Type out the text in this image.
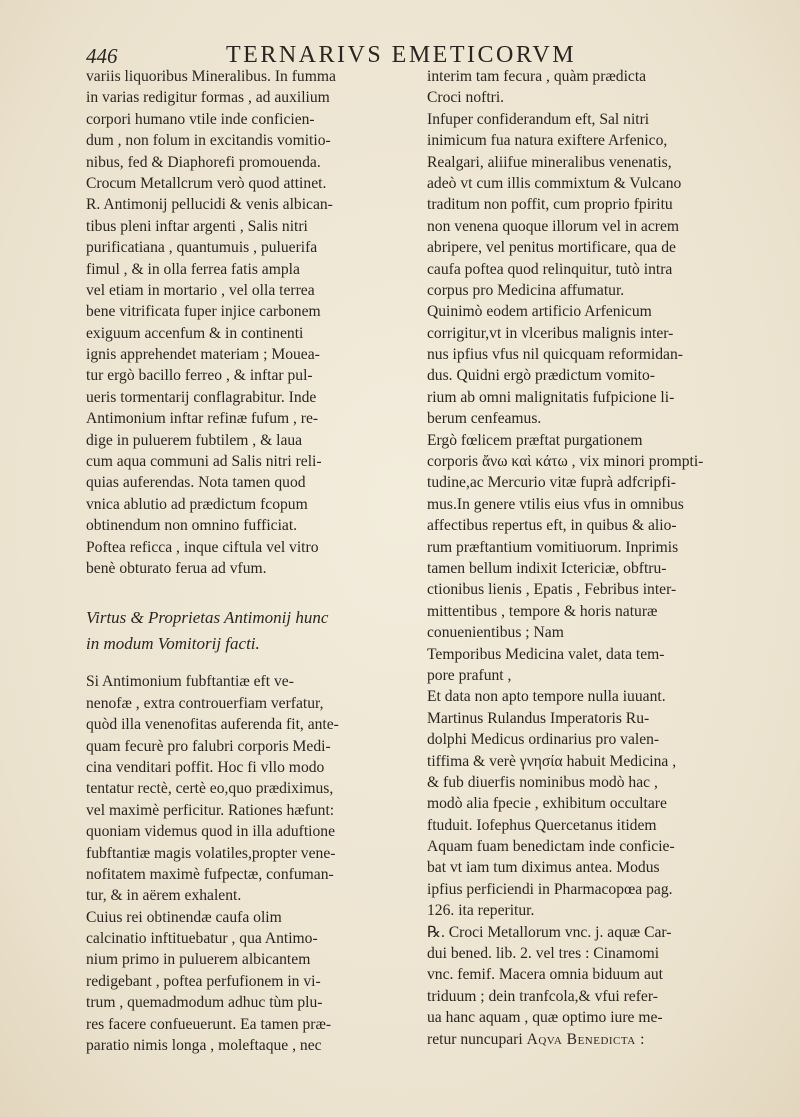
446	TERNARIVS EMETICORVM
variis liquoribus Mineralibus. In fumma
in varias redigitur formas , ad auxilium
corpori humano vtile inde conficien-
dum , non folum in excitandis vomitio-
nibus, fed & Diaphorefi promouenda.
Crocum Metallcrum verò quod attinet.
R. Antimonij pellucidi & venis albican-
tibus pleni inftar argenti , Salis nitri
purificatiana , quantumuis , puluerifa
fimul , & in olla ferrea fatis ampla
vel etiam in mortario , vel olla terrea
bene vitrificata fuper injice carbonem
exiguum accenfum & in continenti
ignis apprehendet materiam ; Mouea-
tur ergò bacillo ferreo , & inftar pul-
ueris tormentarij conflagrabitur. Inde
Antimonium inftar refinæ fufum , re-
dige in puluerem fubtilem , & laua
cum aqua communi ad Salis nitri reli-
quias auferendas. Nota tamen quod
vnica ablutio ad prædictum fcopum
obtinendum non omnino fufficiat.
Poftea reficca , inque ciftula vel vitro
benè obturato ferua ad vfum.
Virtus & Proprietas Antimonij hunc
in modum Vomitorij facti.
Si Antimonium fubftantiæ eft ve-
nenofæ , extra controuerfiam verfatur,
quòd illa venenofitas auferenda fit, ante-
quam fecurè pro falubri corporis Medi-
cina venditari poffit. Hoc fi vllo modo
tentatur rectè, certè eo,quo prædiximus,
vel maximè perficitur. Rationes hæfunt:
quoniam videmus quod in illa aduftione
fubftantiæ magis volatiles,propter vene-
nofitatem maximè fufpectæ, confuman-
tur, & in aërem exhalent.
Cuius rei obtinendæ caufa olim
calcinatio inftituebatur , qua Antimo-
nium primo in puluerem albicantem
redigebant , poftea perfufionem in vi-
trum , quemadmodum adhuc tùm plu-
res facere confueuerunt. Ea tamen præ-
paratio nimis longa , moleftaque , nec
interim tam fecura , quàm prædicta
Croci noftri.
Infuper confiderandum eft, Sal nitri
inimicum fua natura exiftere Arfenico,
Realgari, aliifue mineralibus venenatis,
adeò vt cum illis commixtum & Vulcano
traditum non poffit, cum proprio fpiritu
non venena quoque illorum vel in acrem
abripere, vel penitus mortificare, qua de
caufa poftea quod relinquitur, tutò intra
corpus pro Medicina affumatur.
Quinimò eodem artificio Arfenicum
corrigitur,vt in vlceribus malignis inter-
nus ipfius vfus nil quicquam reformidan-
dus. Quidni ergò prædictum vomito-
rium ab omni malignitatis fufpicione li-
berum cenfeamus.
Ergò fœlicem præftat purgationem
corporis ἄνω καὶ κάτω , vix minori prompti-
tudine,ac Mercurio vitæ fuprà adfcripfi-
mus.In genere vtilis eius vfus in omnibus
affectibus repertus eft, in quibus & alio-
rum præftantium vomitiuorum. Inprimis
tamen bellum indixit Ictericiæ, obftru-
ctionibus lienis , Epatis , Febribus inter-
mittentibus , tempore & horis naturæ
conuenientibus ; Nam
Temporibus Medicina valet, data tem-
pore prafunt ,
Et data non apto tempore nulla iuuant.
Martinus Rulandus Imperatoris Ru-
dolphi Medicus ordinarius pro valen-
tiffima & verè γνησία habuit Medicina ,
& fub diuerfis nominibus modò hac ,
modò alia fpecie , exhibitum occultare
ftuduit. Iofephus Quercetanus itidem
Aquam fuam benedictam inde conficie-
bat vt iam tum diximus antea. Modus
ipfius perficiendi in Pharmacopœa pag.
126. ita reperitur.
℞. Croci Metallorum vnc. j. aquæ Car-
dui bened. lib. 2. vel tres : Cinamomi
vnc. femif. Macera omnia biduum aut
triduum ; dein tranfcola,& vfui refer-
ua hanc aquam , quæ optimo iure me-
retur nuncupari Aqva Benedicta :
